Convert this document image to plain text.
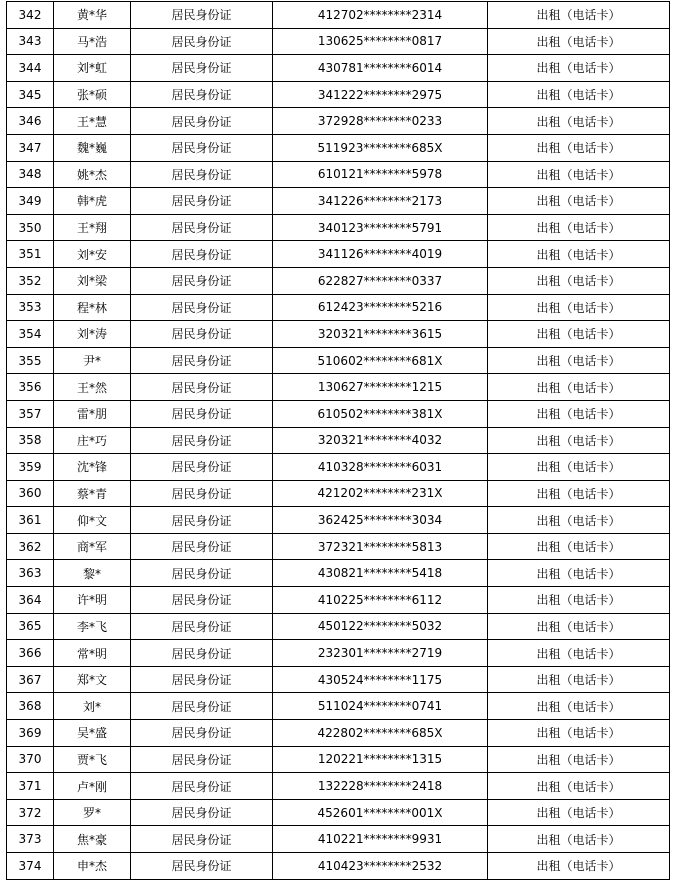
342	黄*华	居民身份证	412702********2314	出租（电话卡）
343	马*浩	居民身份证	130625********0817	出租（电话卡）
344	刘*虹	居民身份证	430781********6014	出租（电话卡）
345	张*硕	居民身份证	341222********2975	出租（电话卡）
346	王*慧	居民身份证	372928********0233	出租（电话卡）
347	魏*巍	居民身份证	511923********685X	出租（电话卡）
348	姚*杰	居民身份证	610121********5978	出租（电话卡）
349	韩*虎	居民身份证	341226********2173	出租（电话卡）
350	王*翔	居民身份证	340123********5791	出租（电话卡）
351	刘*安	居民身份证	341126********4019	出租（电话卡）
352	刘*梁	居民身份证	622827********0337	出租（电话卡）
353	程*林	居民身份证	612423********5216	出租（电话卡）
354	刘*涛	居民身份证	320321********3615	出租（电话卡）
355	尹*	居民身份证	510602********681X	出租（电话卡）
356	王*然	居民身份证	130627********1215	出租（电话卡）
357	雷*朋	居民身份证	610502********381X	出租（电话卡）
358	庄*巧	居民身份证	320321********4032	出租（电话卡）
359	沈*锋	居民身份证	410328********6031	出租（电话卡）
360	蔡*青	居民身份证	421202********231X	出租（电话卡）
361	仰*文	居民身份证	362425********3034	出租（电话卡）
362	商*军	居民身份证	372321********5813	出租（电话卡）
363	黎*	居民身份证	430821********5418	出租（电话卡）
364	许*明	居民身份证	410225********6112	出租（电话卡）
365	李*飞	居民身份证	450122********5032	出租（电话卡）
366	常*明	居民身份证	232301********2719	出租（电话卡）
367	郑*文	居民身份证	430524********1175	出租（电话卡）
368	刘*	居民身份证	511024********0741	出租（电话卡）
369	吴*盛	居民身份证	422802********685X	出租（电话卡）
370	贾*飞	居民身份证	120221********1315	出租（电话卡）
371	卢*刚	居民身份证	132228********2418	出租（电话卡）
372	罗*	居民身份证	452601********001X	出租（电话卡）
373	焦*豪	居民身份证	410221********9931	出租（电话卡）
374	申*杰	居民身份证	410423********2532	出租（电话卡）
